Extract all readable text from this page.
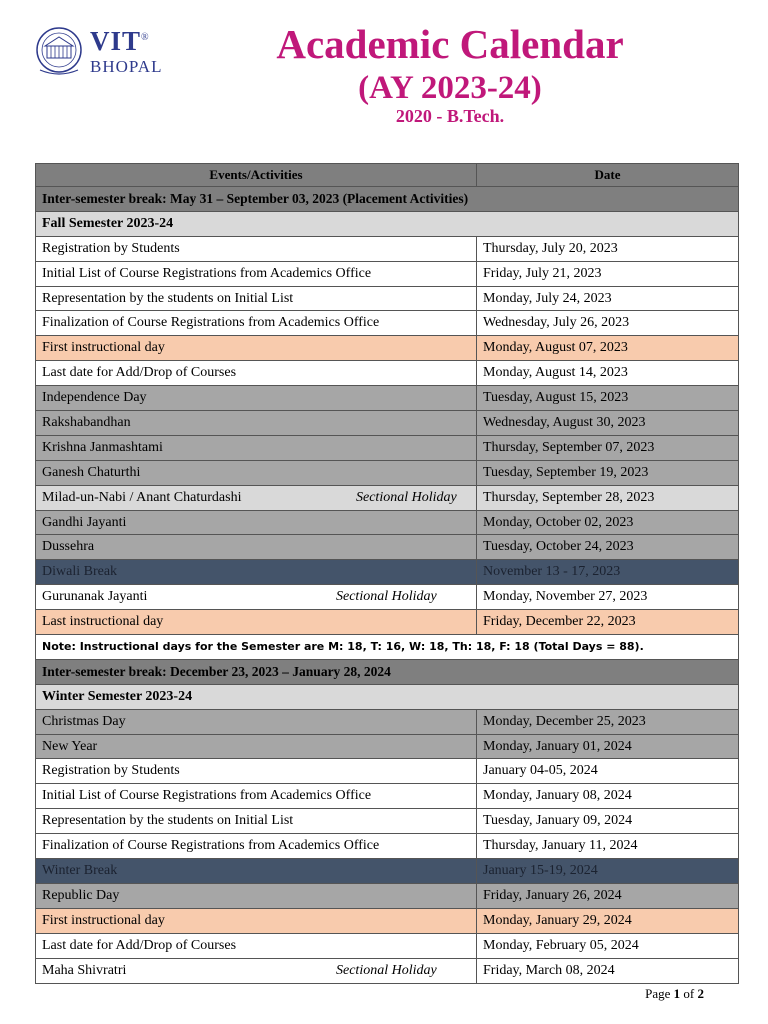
VIT®
BHOPAL	Academic Calendar
(AY 2023-24)
2020 - B.Tech.
Events/Activities	Date
Inter-semester break: May 31 – September 03, 2023 (Placement Activities)	
Fall Semester 2023-24	
Registration by Students	Thursday, July 20, 2023
Initial List of Course Registrations from Academics Office	Friday, July 21, 2023
Representation by the students on Initial List	Monday, July 24, 2023
Finalization of Course Registrations from Academics Office	Wednesday, July 26, 2023
First instructional day	Monday, August 07, 2023
Last date for Add/Drop of Courses	Monday, August 14, 2023
Independence Day	Tuesday, August 15, 2023
Rakshabandhan	Wednesday, August 30, 2023
Krishna Janmashtami	Thursday, September 07, 2023
Ganesh Chaturthi	Tuesday, September 19, 2023
Milad-un-Nabi / Anant Chaturdashi Sectional Holiday	Thursday, September 28, 2023
Gandhi Jayanti	Monday, October 02, 2023
Dussehra	Tuesday, October 24, 2023
Diwali Break	November 13 - 17, 2023
Gurunanak Jayanti Sectional Holiday	Monday, November 27, 2023
Last instructional day	Friday, December 22, 2023
Note: Instructional days for the Semester are M: 18, T: 16, W: 18, Th: 18, F: 18 (Total Days = 88).	
Inter-semester break: December 23, 2023 – January 28, 2024	
Winter Semester 2023-24	
Christmas Day	Monday, December 25, 2023
New Year	Monday, January 01, 2024
Registration by Students	January 04-05, 2024
Initial List of Course Registrations from Academics Office	Monday, January 08, 2024
Representation by the students on Initial List	Tuesday, January 09, 2024
Finalization of Course Registrations from Academics Office	Thursday, January 11, 2024
Winter Break	January 15-19, 2024
Republic Day	Friday, January 26, 2024
First instructional day	Monday, January 29, 2024
Last date for Add/Drop of Courses	Monday, February 05, 2024
Maha Shivratri Sectional Holiday	Friday, March 08, 2024
Page 1 of 2
